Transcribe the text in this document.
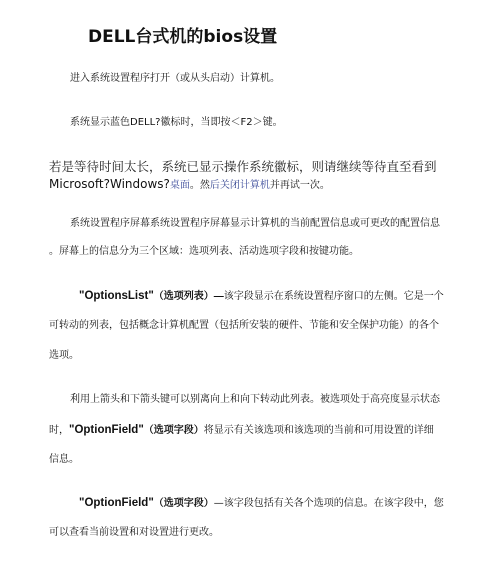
DELL台式机的bios设置
进入系统设置程序打开（或从头启动）计算机。
系统显示蓝色DELL?徽标时，当即按＜F2＞键。
若是等待时间太长，系统已显示操作系统徽标，则请继续等待直至看到
Microsoft?Windows?桌面。然后关闭计算机并再试一次。
系统设置程序屏幕系统设置程序屏幕显示计算机的当前配置信息或可更改的配置信息
。屏幕上的信息分为三个区域：选项列表、活动选项字段和按键功能。
"OptionsList"（选项列表）—该字段显示在系统设置程序窗口的左侧。它是一个
可转动的列表，包括概念计算机配置（包括所安装的硬件、节能和安全保护功能）的各个
选项。
利用上箭头和下箭头键可以别离向上和向下转动此列表。被选项处于高亮度显示状态
时，"OptionField"（选项字段）将显示有关该选项和该选项的当前和可用设置的详细
信息。
"OptionField"（选项字段）—该字段包括有关各个选项的信息。在该字段中，您
可以查看当前设置和对设置进行更改。
